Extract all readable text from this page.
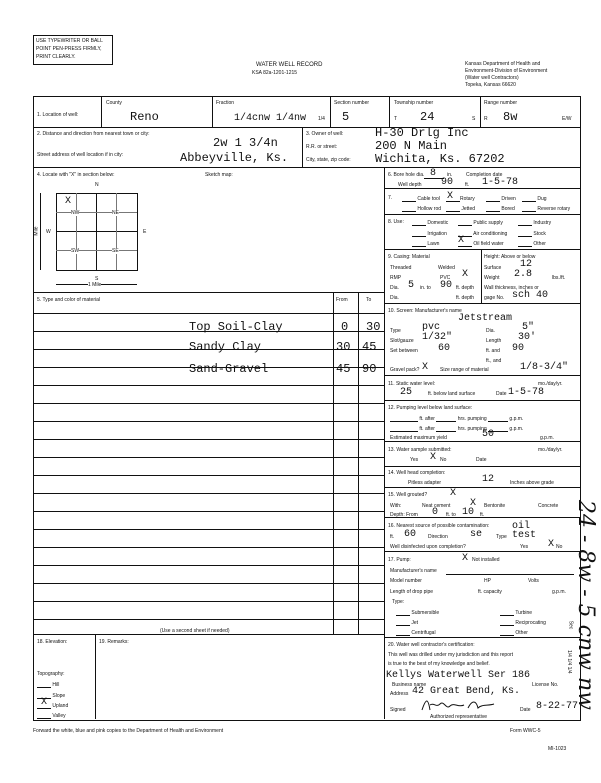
USE TYPEWRITER OR BALL
POINT PEN-PRESS FIRMLY,
PRINT CLEARLY.
WATER WELL RECORD
KSA 82a-1201-1215
Kansas Department of Health and
Environment-Division of Environment
(Water well Contractors)
Topeka, Kansas 66620
1. Location of well:
County
Reno
Fraction
1/4cnw 1/4nw 1/4
Section number
5
Township number
T 24	S
Range number
R 8w	E/W
2. Distance and direction from nearest town or city:
2w 1 3/4n
Street address of well location if in city:	Abbeyville, Ks.
3. Owner of well:	H-30 Drlg Inc
R.R. or street:	200 N Main
City, state, zip code: Wichita, Ks. 67202
4. Locate with "X" in section below:	Sketch map:
N
S
W	E
NW	NE
SW	SE
X
Mile
1 Mile
5. Type and color of material	From	To
Top Soil-Clay	0 30
Sandy Clay	30 45
Sand-Gravel	45 90
(Use a second sheet if needed)
6. Bore hole dia. 8 in.	Completion date
Well depth 90 ft. 1-5-78
7.	Cable tool X	Rotary	Driven	Dug
Hollow rod	Jetted	Bored	Reverse rotary
8. Use:	Domestic	Public supply	Industry
Irrigation	Air conditioning	Stock
Lawn X	Oil field water	Other
9. Casing: Material	Height: Above or below
Threaded	Welded	Surface 12
RMP	PVC X	Weight 2.8	lbs./ft.
Dia. 5 in. to 90 ft. depth Wall thickness, inches or
Dia.	ft. depth gage No. sch 40
10. Screen: Manufacturer's name
Jetstream
Type pvc	Dia.	5"
Slot/gauze 1/32"	Length 30'
Set between 60	ft. and 90
ft., and
Gravel pack? X Size range of material	1/8-3/4"
11. Static water level:	mo./day/yr.
25	ft. below land surface	Date 1-5-78
12. Pumping level below land surface:
ft. after	hrs. pumping	g.p.m.
ft. after	hrs. pumping	g.p.m.
Estimated maximum yield	50	g.p.m.
13. Water sample submitted:	mo./day/yr.
Yes X No	Date
14. Well head completion:
Pitless adapter	12	Inches above grade
15. Well grouted? X
With:	Neat cement X Bentonite	Concrete
Depth: From 0 ft. to 10 ft.
16. Nearest source of possible contamination:
ft. 60 Direction se	Type
oil test
Well disinfected upon completion?	Yes X No
17. Pump:	X Not installed
Manufacturer's name
Model number	HP	Volts
Length of drop pipe	ft. capacity	g.p.m.
Type:
Submersible	Turbine
Jet	Reciprocating
Centrifugal	Other
18. Elevation:
Topography:
Hill
Slope
X	Upland
Valley
19. Remarks:	20. Water well contractor's certification:
This well was drilled under my jurisdiction and this report
is true to the best of my knowledge and belief.
Kellys Waterwell Ser 186
Business name	License No.
Address 42 Great Bend, Ks.
Signed
Authorized representative
8-22-77
Date
Forward the white, blue and pink copies to the Department of Health and Environment	Form WWC-5
MI-1023
24 - 8w - 5 cnw nw
Sec
1/4 1/4 1/4
